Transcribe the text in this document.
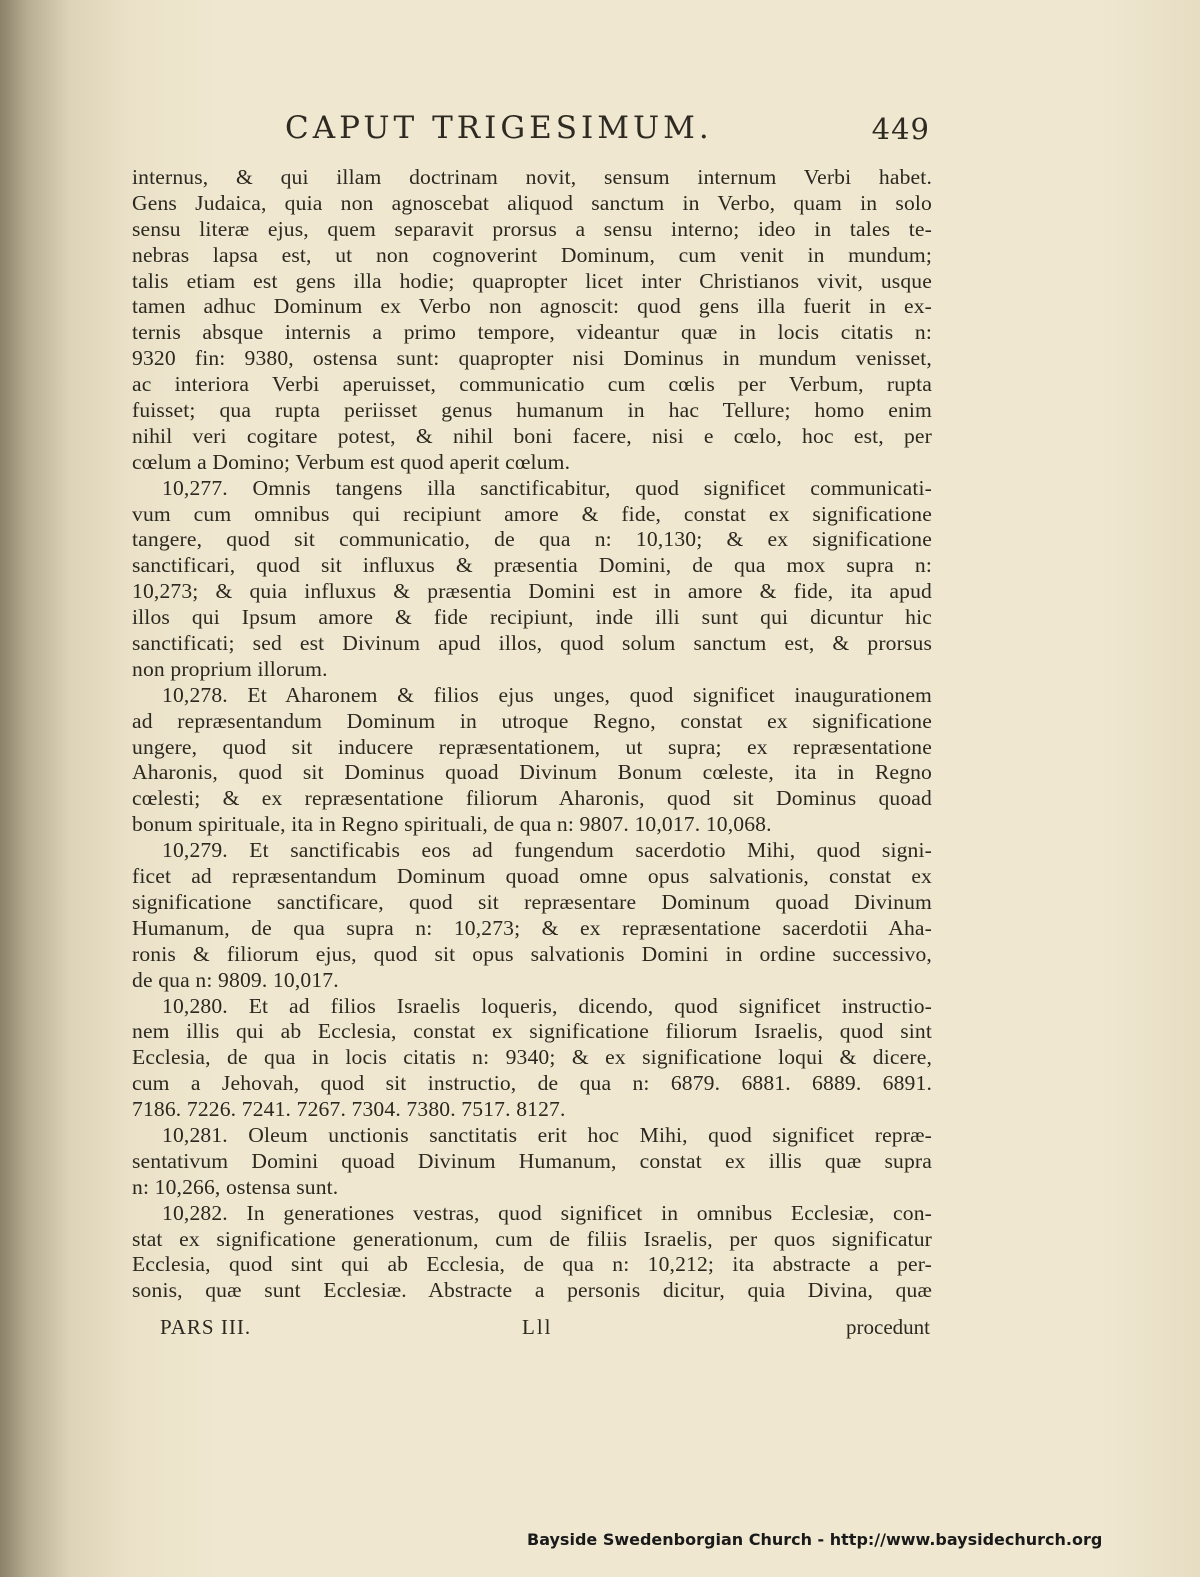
CAPUT TRIGESIMUM.	449
internus, & qui illam doctrinam novit, sensum internum Verbi habet.
Gens Judaica, quia non agnoscebat aliquod sanctum in Verbo, quam in solo
sensu literæ ejus, quem separavit prorsus a sensu interno; ideo in tales te-
nebras lapsa est, ut non cognoverint Dominum, cum venit in mundum;
talis etiam est gens illa hodie; quapropter licet inter Christianos vivit, usque
tamen adhuc Dominum ex Verbo non agnoscit: quod gens illa fuerit in ex-
ternis absque internis a primo tempore, videantur quæ in locis citatis n:
9320 fin: 9380, ostensa sunt: quapropter nisi Dominus in mundum venisset,
ac interiora Verbi aperuisset, communicatio cum cœlis per Verbum, rupta
fuisset; qua rupta periisset genus humanum in hac Tellure; homo enim
nihil veri cogitare potest, & nihil boni facere, nisi e cœlo, hoc est, per
cœlum a Domino; Verbum est quod aperit cœlum.
10,277. Omnis tangens illa sanctificabitur, quod significet communicati-
vum cum omnibus qui recipiunt amore & fide, constat ex significatione
tangere, quod sit communicatio, de qua n: 10,130; & ex significatione
sanctificari, quod sit influxus & præsentia Domini, de qua mox supra n:
10,273; & quia influxus & præsentia Domini est in amore & fide, ita apud
illos qui Ipsum amore & fide recipiunt, inde illi sunt qui dicuntur hic
sanctificati; sed est Divinum apud illos, quod solum sanctum est, & prorsus
non proprium illorum.
10,278. Et Aharonem & filios ejus unges, quod significet inaugurationem
ad repræsentandum Dominum in utroque Regno, constat ex significatione
ungere, quod sit inducere repræsentationem, ut supra; ex repræsentatione
Aharonis, quod sit Dominus quoad Divinum Bonum cœleste, ita in Regno
cœlesti; & ex repræsentatione filiorum Aharonis, quod sit Dominus quoad
bonum spirituale, ita in Regno spirituali, de qua n: 9807. 10,017. 10,068.
10,279. Et sanctificabis eos ad fungendum sacerdotio Mihi, quod signi-
ficet ad repræsentandum Dominum quoad omne opus salvationis, constat ex
significatione sanctificare, quod sit repræsentare Dominum quoad Divinum
Humanum, de qua supra n: 10,273; & ex repræsentatione sacerdotii Aha-
ronis & filiorum ejus, quod sit opus salvationis Domini in ordine successivo,
de qua n: 9809. 10,017.
10,280. Et ad filios Israelis loqueris, dicendo, quod significet instructio-
nem illis qui ab Ecclesia, constat ex significatione filiorum Israelis, quod sint
Ecclesia, de qua in locis citatis n: 9340; & ex significatione loqui & dicere,
cum a Jehovah, quod sit instructio, de qua n: 6879. 6881. 6889. 6891.
7186. 7226. 7241. 7267. 7304. 7380. 7517. 8127.
10,281. Oleum unctionis sanctitatis erit hoc Mihi, quod significet repræ-
sentativum Domini quoad Divinum Humanum, constat ex illis quæ supra
n: 10,266, ostensa sunt.
10,282. In generationes vestras, quod significet in omnibus Ecclesiæ, con-
stat ex significatione generationum, cum de filiis Israelis, per quos significatur
Ecclesia, quod sint qui ab Ecclesia, de qua n: 10,212; ita abstracte a per-
sonis, quæ sunt Ecclesiæ. Abstracte a personis dicitur, quia Divina, quæ
PARS III.	Lll	procedunt
Bayside Swedenborgian Church - http://www.baysidechurch.org
